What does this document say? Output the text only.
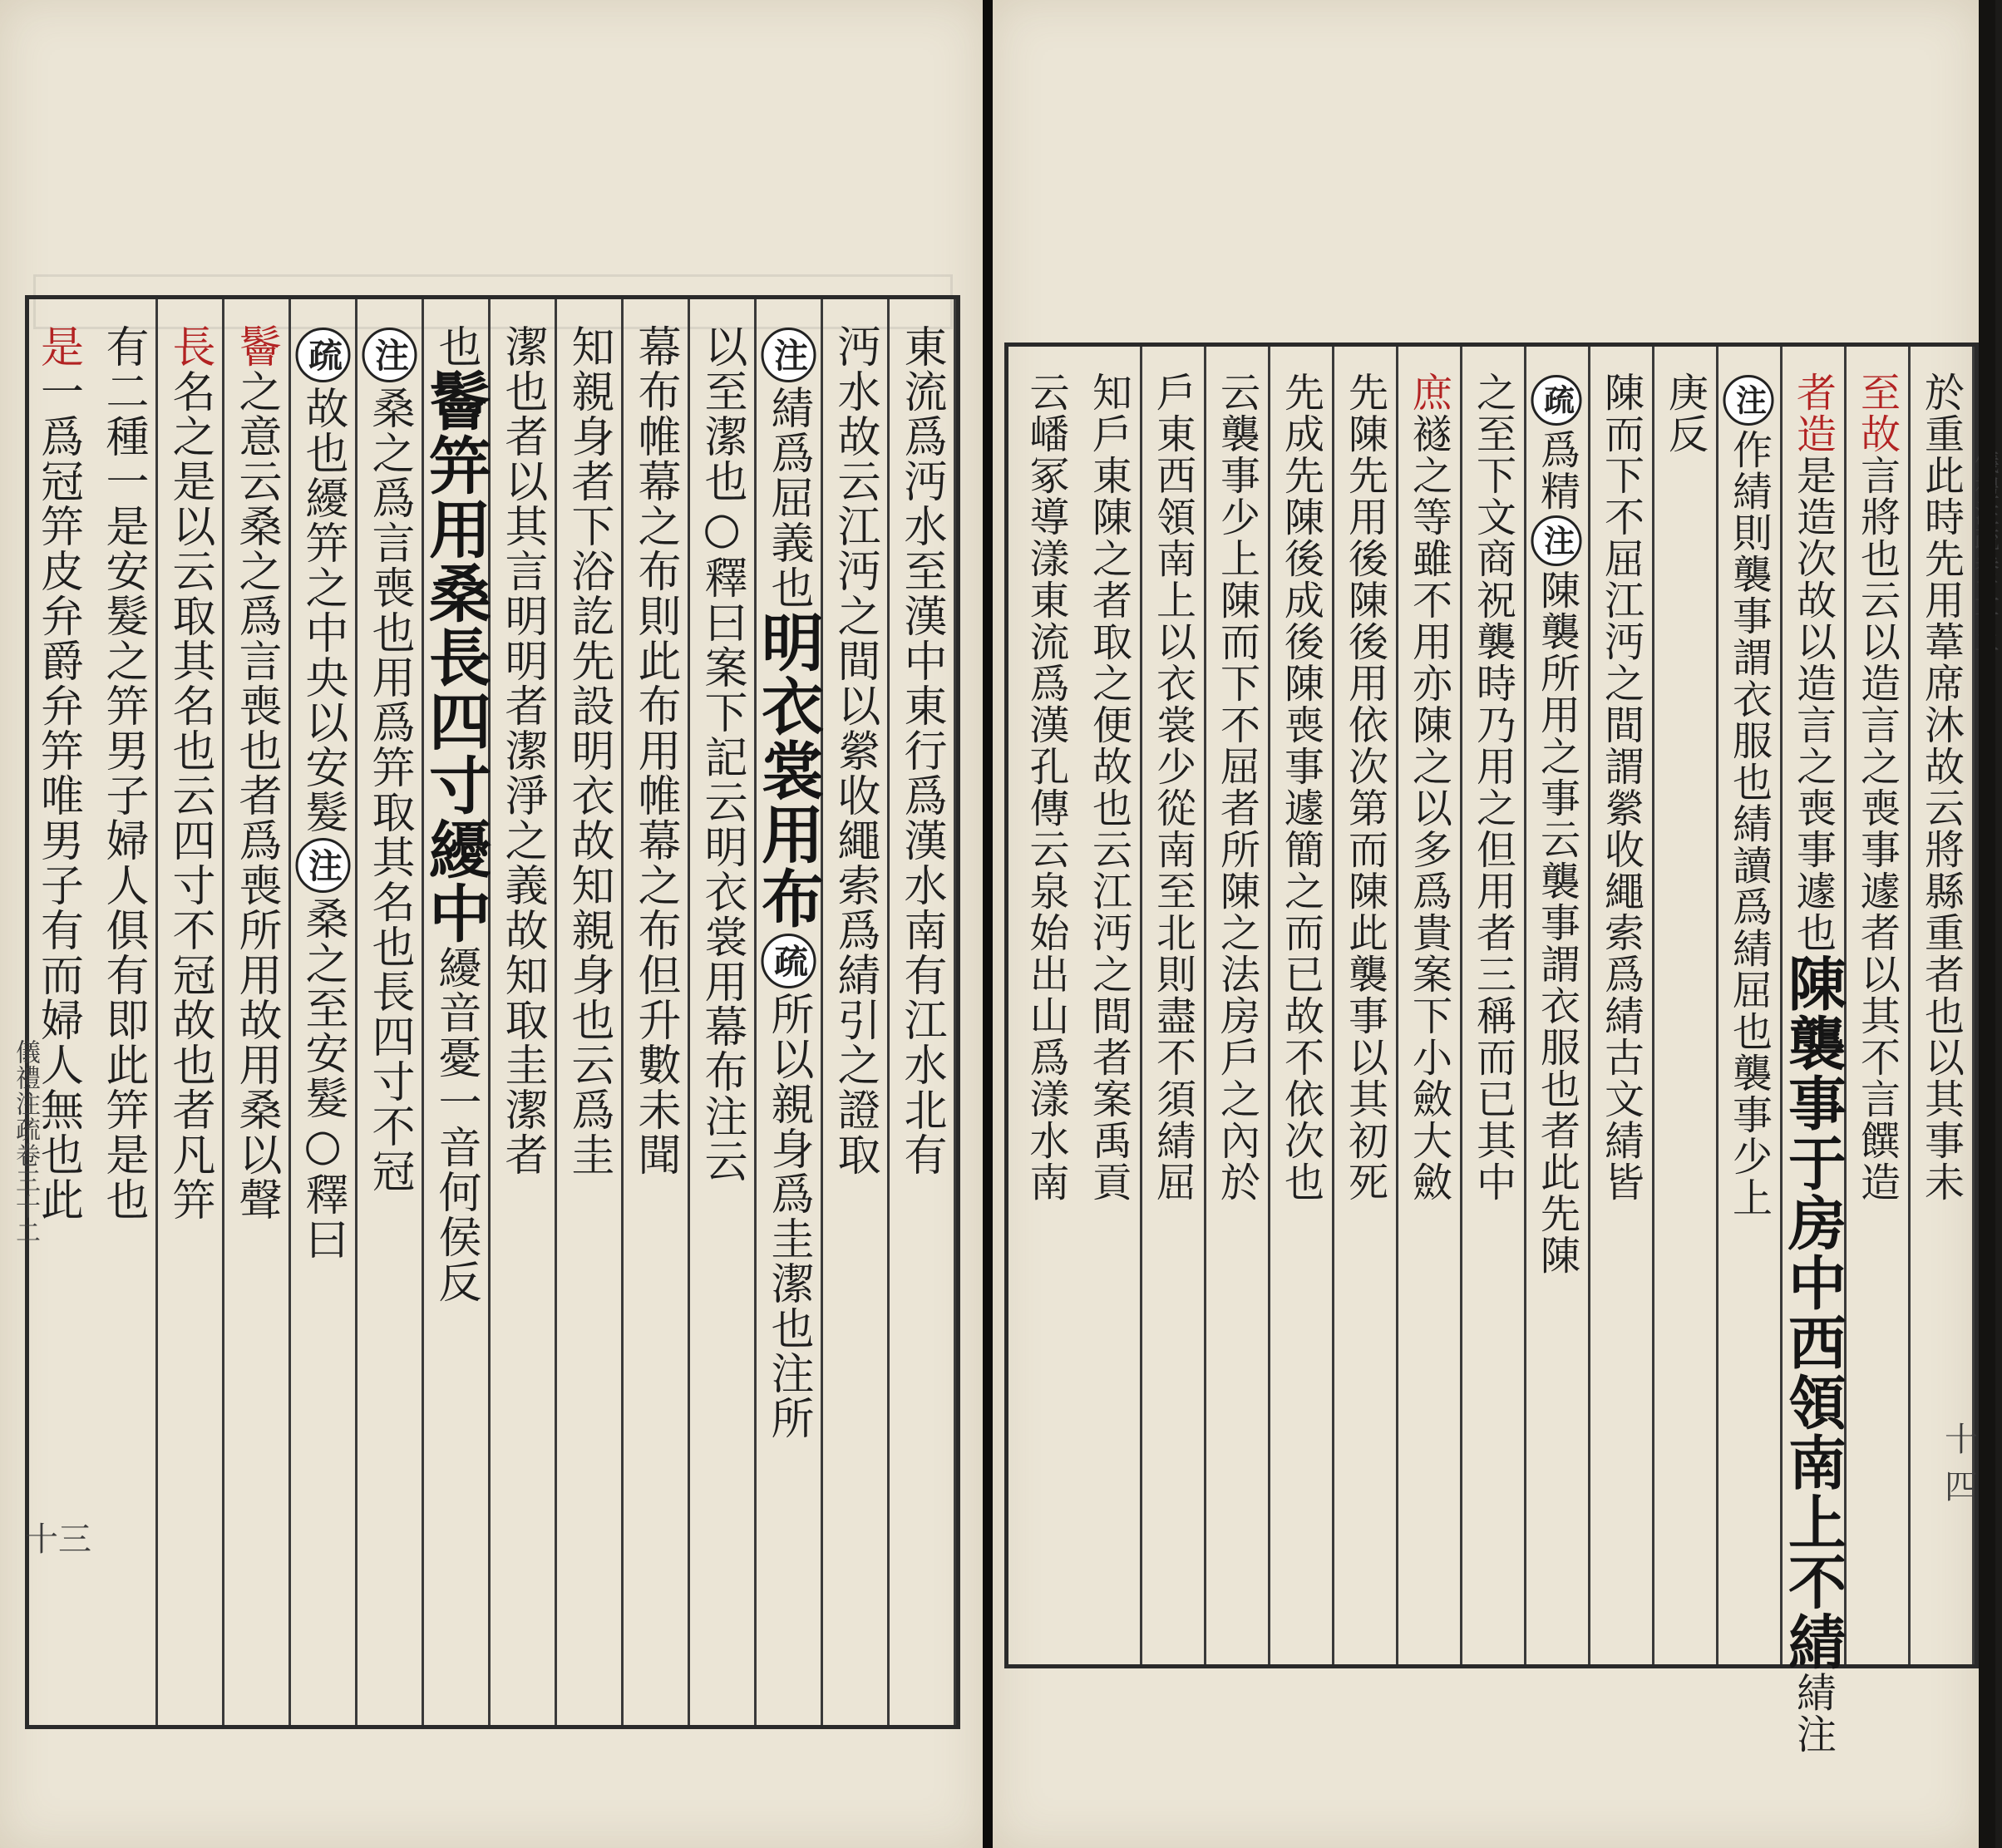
東流爲沔水至漢中東行爲漢水南有江水北有
沔水故云江沔之間以縈收繩索爲綪引之證取
注綪爲屈義也明衣裳用布疏所以親身爲圭潔也注所
以至潔也○釋曰案下記云明衣裳用幕布注云
幕布帷幕之布則此布用帷幕之布但升數未聞
知親身者下浴訖先設明衣故知親身也云爲圭
潔也者以其言明明者潔淨之義故知取圭潔者
也鬠笄用桑長四寸纋中纋音憂一音何侯反
注桑之爲言喪也用爲笄取其名也長四寸不冠
疏故也纋笄之中央以安髮注桑之至安髮○釋曰
鬠之意云桑之爲言喪也者爲喪所用故用桑以聲
長名之是以云取其名也云四寸不冠故也者凡笄
有二種一是安髮之笄男子婦人俱有即此笄是也
是一爲冠笄皮弁爵弁笄唯男子有而婦人無也此
儀禮注疏卷三十二
十三
於重此時先用葦席沐故云將縣重者也以其事未
至故言將也云以造言之喪事遽者以其不言饌造
者造是造次故以造言之喪事遽也陳襲事于房中西領南上不綪綪注
注作綪則襲事謂衣服也綪讀爲綪屈也襲事少上
庚反
陳而下不屈江沔之間謂縈收繩索爲綪古文綪皆
疏爲精注陳襲所用之事云襲事謂衣服也者此先陳
之至下文商祝襲時乃用之但用者三稱而已其中
庶襚之等雖不用亦陳之以多爲貴案下小斂大斂
先陳先用後陳後用依次第而陳此襲事以其初死
先成先陳後成後陳喪事遽簡之而已故不依次也
云襲事少上陳而下不屈者所陳之法房戶之內於
戶東西領南上以衣裳少從南至北則盡不須綪屈
知戶東陳之者取之便故也云江沔之間者案禹貢
云嶓冢導漾東流爲漢孔傳云泉始出山爲漾水南
十四
